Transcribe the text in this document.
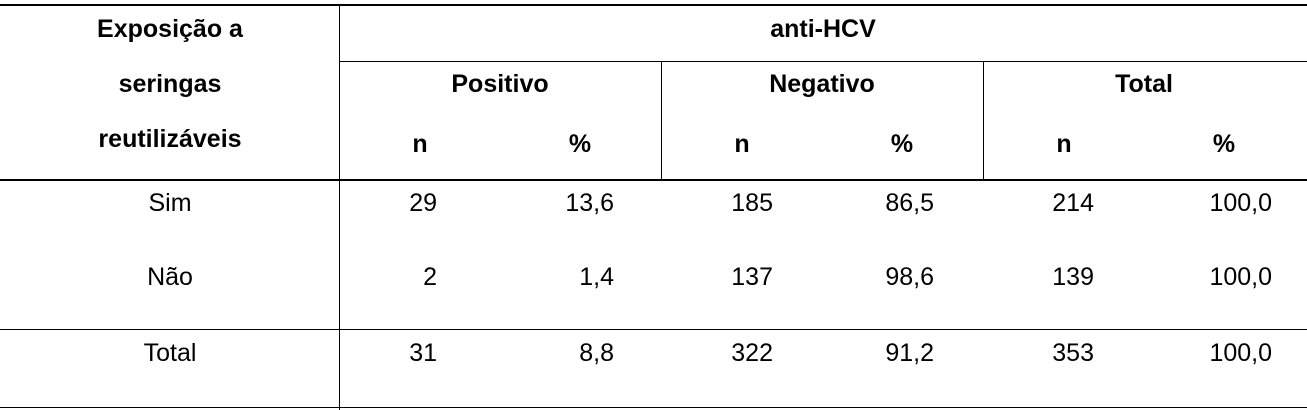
Exposição a
seringas
reutilizáveis
anti-HCV
Positivo	Negativo	Total
n	%	n	%	n	%
Sim	29	13,6	185	86,5	214	100,0
Não	2	1,4	137	98,6	139	100,0
Total	31	8,8	322	91,2	353	100,0
